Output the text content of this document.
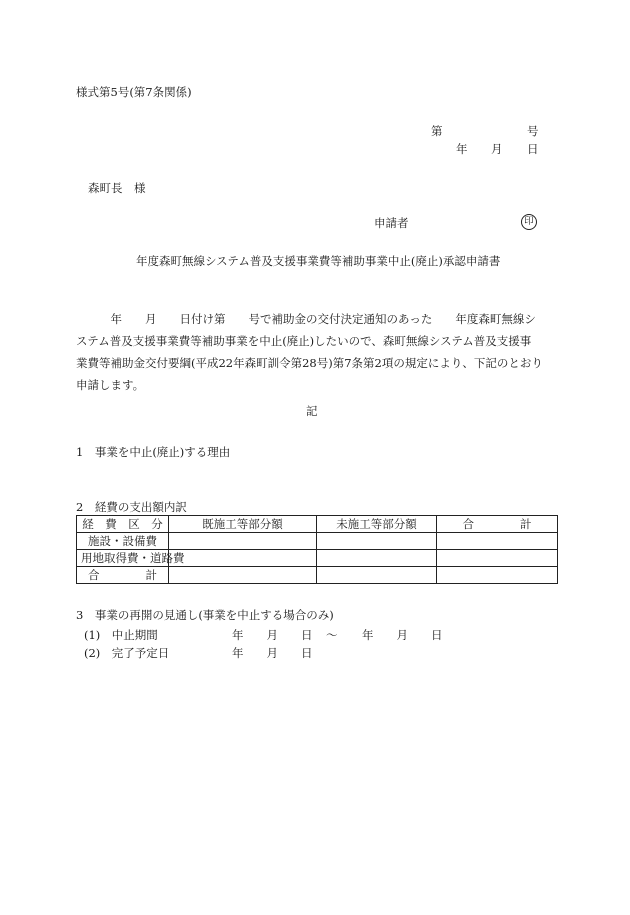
様式第5号(第7条関係)
第	号
年 月 日
森町長　様
申請者	印
年度森町無線システム普及支援事業費等補助事業中止(廃止)承認申請書
　　　年　　月　　日付け第　　号で補助金の交付決定通知のあった　　年度森町無線シ
ステム普及支援事業費等補助事業を中止(廃止)したいので、森町無線システム普及支援事
業費等補助金交付要綱(平成22年森町訓令第28号)第7条第2項の規定により、下記のとおり
申請します。
記
1　事業を中止(廃止)する理由
2　経費の支出額内訳
経　費　区　分	既施工等部分額	未施工等部分額	合　　　　計
施設・設備費			
用地取得費・道路費			
合　　　　計			
3　事業の再開の見通し(事業を中止する場合のみ)
(1)　中止期間	年　　月　　日 〜 年　　月　　日
(2)　完了予定日	年　　月　　日
